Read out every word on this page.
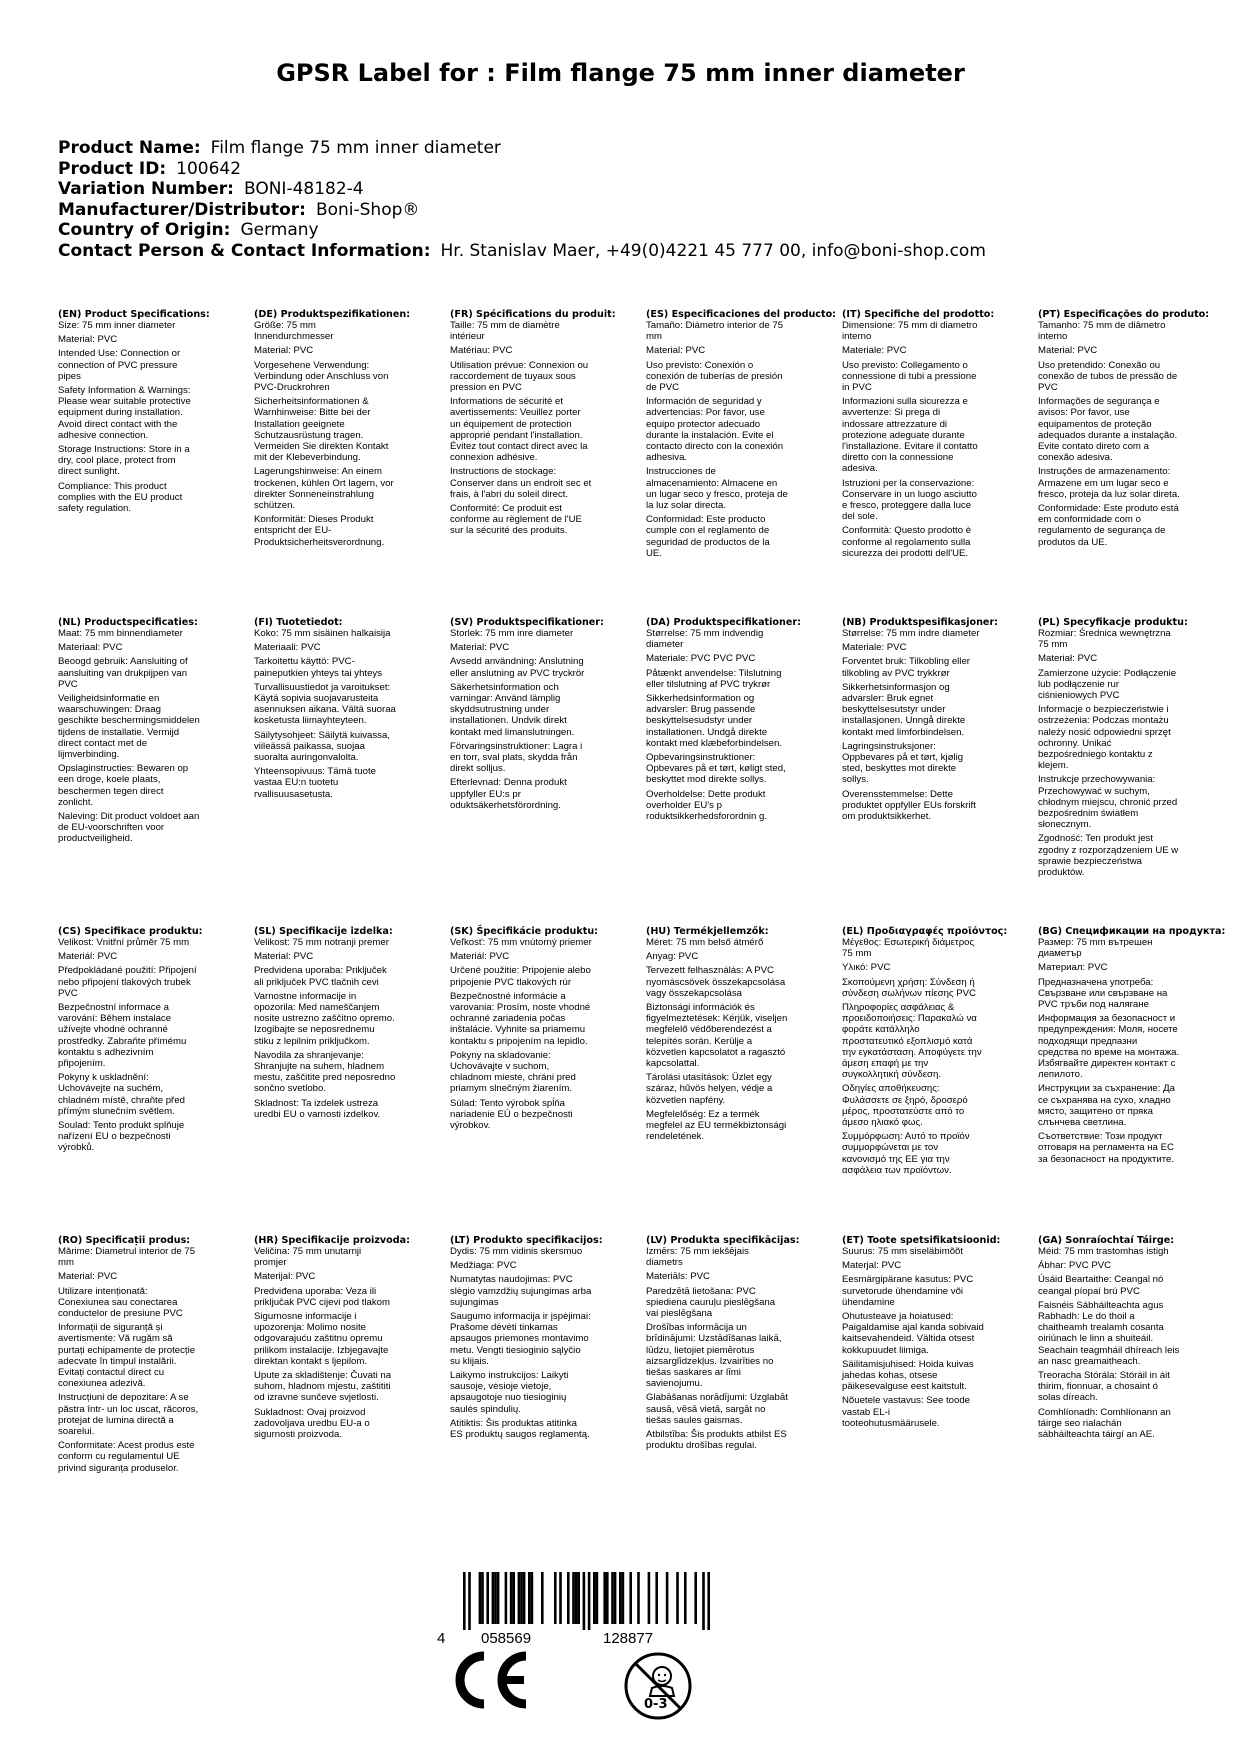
GPSR Label for : Film flange 75 mm inner diameter
Product Name: Film flange 75 mm inner diameter
Product ID: 100642
Variation Number: BONI-48182-4
Manufacturer/Distributor: Boni-Shop®
Country of Origin: Germany
Contact Person & Contact Information: Hr. Stanislav Maer, +49(0)4221 45 777 00, info@boni-shop.com
(EN) Product Specifications:

Size: 75 mm inner diameter

Material: PVC

Intended Use: Connection or connection of PVC pressure pipes

Safety Information & Warnings: Please wear suitable protective equipment during installation. Avoid direct contact with the adhesive connection.

Storage Instructions: Store in a dry, cool place, protect from direct sunlight.

Compliance: This product complies with the EU product safety regulation.

(DE) Produktspezifikationen:

Größe: 75 mm Innendurchmesser

Material: PVC

Vorgesehene Verwendung: Verbindung oder Anschluss von PVC-Druckrohren

Sicherheitsinformationen & Warnhinweise: Bitte bei der Installation geeignete Schutzausrüstung tragen. Vermeiden Sie direkten Kontakt mit der Klebeverbindung.

Lagerungshinweise: An einem trockenen, kühlen Ort lagern, vor direkter Sonneneinstrahlung schützen.

Konformität: Dieses Produkt entspricht der EU-Produktsicherheitsverordnung.

(FR) Spécifications du produit:

Taille: 75 mm de diamètre intérieur

Matériau: PVC

Utilisation prévue: Connexion ou raccordement de tuyaux sous pression en PVC

Informations de sécurité et avertissements: Veuillez porter un équipement de protection approprié pendant l'installation. Évitez tout contact direct avec la connexion adhésive.

Instructions de stockage: Conserver dans un endroit sec et frais, à l'abri du soleil direct.

Conformité: Ce produit est conforme au règlement de l'UE sur la sécurité des produits.

(ES) Especificaciones del producto:

Tamaño: Diámetro interior de 75 mm

Material: PVC

Uso previsto: Conexión o conexión de tuberías de presión de PVC

Información de seguridad y advertencias: Por favor, use equipo protector adecuado durante la instalación. Evite el contacto directo con la conexión adhesiva.

Instrucciones de almacenamiento: Almacene en un lugar seco y fresco, proteja de la luz solar directa.

Conformidad: Este producto cumple con el reglamento de seguridad de productos de la UE.

(IT) Specifiche del prodotto:

Dimensione: 75 mm di diametro interno

Materiale: PVC

Uso previsto: Collegamento o connessione di tubi a pressione in PVC

Informazioni sulla sicurezza e avvertenze: Si prega di indossare attrezzature di protezione adeguate durante l'installazione. Evitare il contatto diretto con la connessione adesiva.

Istruzioni per la conservazione: Conservare in un luogo asciutto e fresco, proteggere dalla luce del sole.

Conformità: Questo prodotto è conforme al regolamento sulla sicurezza dei prodotti dell'UE.

(PT) Especificações do produto:

Tamanho: 75 mm de diâmetro interno

Material: PVC

Uso pretendido: Conexão ou conexão de tubos de pressão de PVC

Informações de segurança e avisos: Por favor, use equipamentos de proteção adequados durante a instalação. Evite contato direto com a conexão adesiva.

Instruções de armazenamento: Armazene em um lugar seco e fresco, proteja da luz solar direta.

Conformidade: Este produto está em conformidade com o regulamento de segurança de produtos da UE.

(NL) Productspecificaties:

Maat: 75 mm binnendiameter

Materiaal: PVC

Beoogd gebruik: Aansluiting of aansluiting van drukpijpen van PVC

Veiligheidsinformatie en waarschuwingen: Draag geschikte beschermingsmiddelen tijdens de installatie. Vermijd direct contact met de lijmverbinding.

Opslaginstructies: Bewaren op een droge, koele plaats, beschermen tegen direct zonlicht.

Naleving: Dit product voldoet aan de EU-voorschriften voor productveiligheid.

(FI) Tuotetiedot:

Koko: 75 mm sisäinen halkaisija

Materiaali: PVC

Tarkoitettu käyttö: PVC-paineputkien yhteys tai yhteys

Turvallisuustiedot ja varoitukset: Käytä sopivia suojavarusteita asennuksen aikana. Vältä suoraa kosketusta liimayhteyteen.

Säilytysohjeet: Säilytä kuivassa, viileässä paikassa, suojaa suoralta auringonvalolta.

Yhteensopivuus: Tämä tuote vastaa EU:n tuotetu rvallisuusasetusta.

(SV) Produktspecifikationer:

Storlek: 75 mm inre diameter

Material: PVC

Avsedd användning: Anslutning eller anslutning av PVC tryckrör

Säkerhetsinformation och varningar: Använd lämplig skyddsutrustning under installationen. Undvik direkt kontakt med limanslutningen.

Förvaringsinstruktioner: Lagra i en torr, sval plats, skydda från direkt solljus.

Efterlevnad: Denna produkt uppfyller EU:s pr oduktsäkerhetsförordning.

(DA) Produktspecifikationer:

Størrelse: 75 mm indvendig diameter

Materiale: PVC PVC PVC

Påtænkt anvendelse: Tilslutning eller tilslutning af PVC trykrør

Sikkerhedsinformation og advarsler: Brug passende beskyttelsesudstyr under installationen. Undgå direkte kontakt med klæbeforbindelsen.

Opbevaringsinstruktioner: Opbevares på et tørt, køligt sted, beskyttet mod direkte sollys.

Overholdelse: Dette produkt overholder EU's p roduktsikkerhedsforordnin g.

(NB) Produktspesifikasjoner:

Størrelse: 75 mm indre diameter

Materiale: PVC

Forventet bruk: Tilkobling eller tilkobling av PVC trykkrør

Sikkerhetsinformasjon og advarsler: Bruk egnet beskyttelsesutstyr under installasjonen. Unngå direkte kontakt med limforbindelsen.

Lagringsinstruksjoner: Oppbevares på et tørt, kjølig sted, beskyttes mot direkte sollys.

Overensstemmelse: Dette produktet oppfyller EUs forskrift om produktsikkerhet.

(PL) Specyfikacje produktu:

Rozmiar: Średnica wewnętrzna 75 mm

Materiał: PVC

Zamierzone użycie: Podłączenie lub podłączenie rur ciśnieniowych PVC

Informacje o bezpieczeństwie i ostrzeżenia: Podczas montażu należy nosić odpowiedni sprzęt ochronny. Unikać bezpośredniego kontaktu z klejem.

Instrukcje przechowywania: Przechowywać w suchym, chłodnym miejscu, chronić przed bezpośrednim światłem słonecznym.

Zgodność: Ten produkt jest zgodny z rozporządzeniem UE w sprawie bezpieczeństwa produktów.

(CS) Specifikace produktu:

Velikost: Vnitřní průměr 75 mm

Materiál: PVC

Předpokládané použití: Připojení nebo připojení tlakových trubek PVC

Bezpečnostní informace a varování: Během instalace užívejte vhodné ochranné prostředky. Zabraňte přímému kontaktu s adhezivním připojením.

Pokyny k uskladnění: Uchovávejte na suchém, chladném místě, chraňte před přímým slunečním světlem.

Soulad: Tento produkt splňuje nařízení EU o bezpečnosti výrobků.

(SL) Specifikacije izdelka:

Velikost: 75 mm notranji premer

Material: PVC

Predvidena uporaba: Priključek ali priključek PVC tlačnih cevi

Varnostne informacije in opozorila: Med nameščanjem nosite ustrezno zaščitno opremo. Izogibajte se neposrednemu stiku z lepilnim priključkom.

Navodila za shranjevanje: Shranjujte na suhem, hladnem mestu, zaščitite pred neposredno sončno svetlobo.

Skladnost: Ta izdelek ustreza uredbi EU o varnosti izdelkov.

(SK) Špecifikácie produktu:

Veľkosť: 75 mm vnútorný priemer

Materiál: PVC

Určené použitie: Pripojenie alebo pripojenie PVC tlakových rúr

Bezpečnostné informácie a varovania: Prosím, noste vhodné ochranné zariadenia počas inštalácie. Vyhnite sa priamemu kontaktu s pripojením na lepidlo.

Pokyny na skladovanie: Uchovávajte v suchom, chladnom mieste, chráni pred priamym slnečným žiarením.

Súlad: Tento výrobok spĺňa nariadenie EÚ o bezpečnosti výrobkov.

(HU) Termékjellemzők:

Méret: 75 mm belső átmérő

Anyag: PVC

Tervezett felhasználás: A PVC nyomáscsövek összekapcsolása vagy összekapcsolása

Biztonsági információk és figyelmeztetések: Kérjük, viseljen megfelelő védőberendezést a telepítés során. Kerülje a közvetlen kapcsolatot a ragasztó kapcsolattal.

Tárolási utasítások: Üzlet egy száraz, hűvös helyen, védje a közvetlen napfény.

Megfelelőség: Ez a termék megfelel az EU termékbiztonsági rendeletének.

(EL) Προδιαγραφές προϊόντος:

Μέγεθος: Εσωτερική διάμετρος 75 mm

Υλικό: PVC

Σκοπούμενη χρήση: Σύνδεση ή σύνδεση σωλήνων πίεσης PVC

Πληροφορίες ασφάλειας & προειδοποιήσεις: Παρακαλώ να φοράτε κατάλληλο προστατευτικό εξοπλισμό κατά την εγκατάσταση. Αποφύγετε την άμεση επαφή με την συγκολλητική σύνδεση.

Οδηγίες αποθήκευσης: Φυλάσσετε σε ξηρό, δροσερό μέρος, προστατεύστε από το άμεσο ηλιακό φως.

Συμμόρφωση: Αυτό το προϊόν συμμορφώνεται με τον κανονισμό της ΕΕ για την ασφάλεια των προϊόντων.

(BG) Спецификации на продукта:

Размер: 75 mm вътрешен диаметър

Материал: PVC

Предназначена употреба: Свързване или свързване на PVC тръби под налягане

Информация за безопасност и предупреждения: Моля, носете подходящи предпазни средства по време на монтажа. Избягвайте директен контакт с лепилото.

Инструкции за съхранение: Да се съхранява на сухо, хладно място, защитено от пряка слънчева светлина.

Съответствие: Този продукт отговаря на регламента на ЕС за безопасност на продуктите.

(RO) Specificații produs:

Mărime: Diametrul interior de 75 mm

Material: PVC

Utilizare intenționată: Conexiunea sau conectarea conductelor de presiune PVC

Informații de siguranță și avertismente: Vă rugăm să purtați echipamente de protecție adecvate în timpul instalării. Evitați contactul direct cu conexiunea adezivă.

Instrucțiuni de depozitare: A se păstra într- un loc uscat, răcoros, protejat de lumina directă a soarelui.

Conformitate: Acest produs este conform cu regulamentul UE privind siguranța produselor.

(HR) Specifikacije proizvoda:

Veličina: 75 mm unutarnji promjer

Materijal: PVC

Predviđena uporaba: Veza ili priključak PVC cijevi pod tlakom

Sigurnosne informacije i upozorenja: Molimo nosite odgovarajuću zaštitnu opremu prilikom instalacije. Izbjegavajte direktan kontakt s ljepilom.

Upute za skladištenje: Čuvati na suhom, hladnom mjestu, zaštititi od izravne sunčeve svjetlosti.

Sukladnost: Ovaj proizvod zadovoljava uredbu EU-a o sigurnosti proizvoda.

(LT) Produkto specifikacijos:

Dydis: 75 mm vidinis skersmuo

Medžiaga: PVC

Numatytas naudojimas: PVC slėgio vamzdžių sujungimas arba sujungimas

Saugumo informacija ir įspėjimai: Prašome dėvėti tinkamas apsaugos priemones montavimo metu. Vengti tiesioginio sąlyčio su klijais.

Laikymo instrukcijos: Laikyti sausoje, vėsioje vietoje, apsaugotoje nuo tiesioginių saulės spindulių.

Atitiktis: Šis produktas atitinka ES produktų saugos reglamentą.

(LV) Produkta specifikācijas:

Izmērs: 75 mm iekšējais diametrs

Materiāls: PVC

Paredzētā lietošana: PVC spiediena cauruļu pieslēgšana vai pieslēgšana

Drošības informācija un brīdinājumi: Uzstādīšanas laikā, lūdzu, lietojiet piemērotus aizsarglīdzekļus. Izvairīties no tiešas saskares ar līmi savienojumu.

Glabāšanas norādījumi: Uzglabāt sausā, vēsā vietā, sargāt no tiešas saules gaismas.

Atbilstība: Šis produkts atbilst ES produktu drošības regulai.

(ET) Toote spetsifikatsioonid:

Suurus: 75 mm siseläbimõõt

Materjal: PVC

Eesmärgipärane kasutus: PVC survetorude ühendamine või ühendamine

Ohutusteave ja hoiatused: Paigaldamise ajal kanda sobivaid kaitsevahendeid. Vältida otsest kokkupuudet liimiga.

Säilitamisjuhised: Hoida kuivas jahedas kohas, otsese päikesevalguse eest kaitstult.

Nõuetele vastavus: See toode vastab EL-i tooteohutusmäärusele.

(GA) Sonraíochtaí Táirge:

Méid: 75 mm trastomhas istigh

Ábhar: PVC PVC

Úsáid Beartaithe: Ceangal nó ceangal píopaí brú PVC

Faisnéis Sábháilteachta agus Rabhadh: Le do thoil a chaitheamh trealamh cosanta oiriúnach le linn a shuiteáil. Seachain teagmháil dhíreach leis an nasc greamaitheach.

Treoracha Stórála: Stóráil in áit thirim, fionnuar, a chosaint ó solas díreach.

Comhlíonadh: Comhlíonann an táirge seo rialachán sábháilteachta táirgí an AE.

4 058569	128877
0-3
